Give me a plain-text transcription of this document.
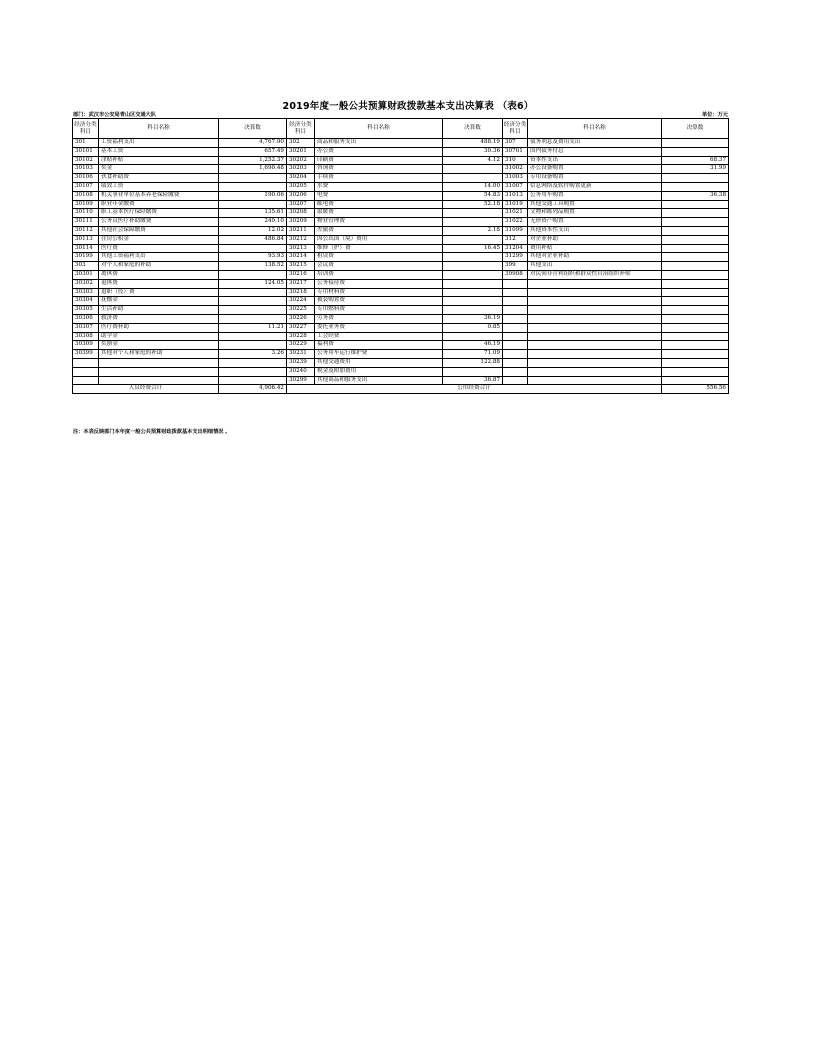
2019年度一般公共预算财政拨款基本支出决算表 （表6）
部门：武汉市公安局青山区交通大队	单位：万元
经济分类科目	科目名称	决算数	经济分类科目	科目名称	决算数	经济分类科目	科目名称	决算数
301	工资福利支出	4,767.90	302	商品和服务支出	488.19	307	债务利息及费用支出	
30101	基本工资	657.49	30201	办公费	30.36	30701	国内债务付息	
30102	津贴补贴	1,252.37	30202	印刷费	4.12	310	资本性支出	68.37
30103	奖金	1,690.48	30203	咨询费		31002	办公设备购置	31.99
30106	伙食补助费		30204	手续费		31003	专用设备购置	
30107	绩效工资		30205	水费	14.00	31007	信息网络及软件购置更新	
30108	机关事业单位基本养老保险缴费	190.06	30206	电费	54.83	31013	公务用车购置	36.38
30109	职业年金缴费		30207	邮电费	52.18	31019	其他交通工具购置	
30110	职工基本医疗保险缴费	135.61	30208	取暖费		31021	文物和陈列品购置	
30111	公务员医疗补助缴费	249.10	30209	物业管理费		31022	无形资产购置	
30112	其他社会保障缴费	12.02	30211	差旅费	2.18	31099	其他资本性支出	
30113	住房公积金	486.84	30212	因公出国（境）费用		312	对企业补助	
30114	医疗费		30213	维修（护）费	16.45	31204	费用补贴	
30199	其他工资福利支出	93.93	30214	租赁费		31299	其他对企业补助	
303	对个人和家庭的补助	138.52	30215	会议费		399	其他支出	
30301	离休费		30216	培训费		39908	对民间非营利组织和群众性自治组织补贴	
30302	退休费	124.05	30217	公务接待费				
30303	退职（役）费		30218	专用材料费				
30304	抚恤金		30224	被装购置费				
30305	生活补助		30225	专用燃料费				
30306	救济费		30226	劳务费	36.19			
30307	医疗费补助	11.21	30227	委托业务费	0.85			
30308	助学金		30228	工会经费				
30309	奖励金		30229	福利费	46.19			
30399	其他对个人和家庭的补助	3.26	30231	公务用车运行维护费	71.09			
			30239	其他交通费用	122.88			
			30240	税金及附加费用				
			30299	其他商品和服务支出	36.87			
人员经费合计		4,906.42	公用经费合计					556.56
注：本表反映部门本年度一般公共预算财政拨款基本支出明细情况 。
